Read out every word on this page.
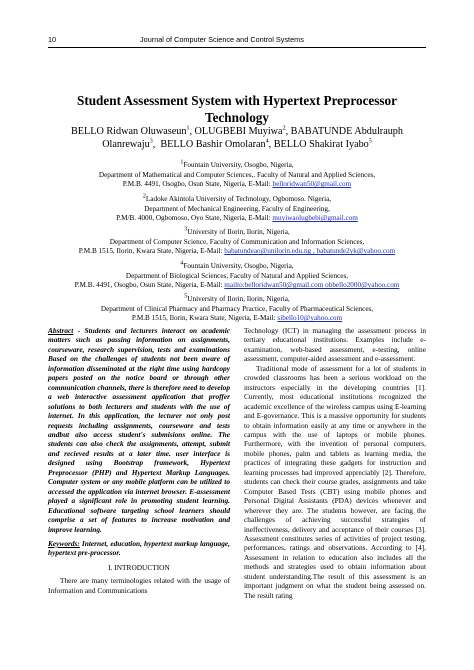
10	Journal of Computer Science and Control Systems
Student Assessment System with Hypertext Preprocessor Technology
BELLO Ridwan Oluwaseun$^1$, OLUGBEBI Muyiwa$^2$, BABATUNDE Abdulrauph Olanrewaju$^3$,  BELLO Bashir Omolaran$^4$, BELLO Shakirat Iyabo$^5$
$^1$Fountain University, Osogbo, Nigeria,
Department of Mathematical and Computer Sciences,. Faculty of Natural and Applied Sciences,
P.M.B. 4491, Osogbo, Osun State, Nigeria, E-Mail: belloridwan50@gmail.com
$^2$Ladoke Akintola University of Technology, Ogbomoso. Nigeria,
Department of Mechanical Engineering, Faculty of Engineering,
P.M/B. 4000, Ogbomoso, Oyo State, Nigeria, E-Mail: muyiwaolugbebi@gmail.com
$^3$University of Ilorin, Ilorin, Nigeria,
Department of Computer Science, Faculty of Communication and Information Sciences,
P.M.B 1515, Ilorin, Kwara State, Nigeria, E-Mail: babatundeao@unilorin.edu.ng , babatunde2yk@yahoo.com
$^4$Fountain University, Osogbo, Nigeria,
Department of Biological Sciences, Faculty of Natural and Applied Sciences,
P.M.B. 4491, Osogbo, Osun State, Nigeria, E-Mail: mailto:belloridwan50@gmail.com obbello2000@yahoo.com
$^5$University of Ilorin, Ilorin, Nigeria,
Department of Clinical Pharmacy and Pharmacy Practice, Faculty of Pharmaceutical Sciences,
P.M.B 1515, Ilorin, Kwara State, Nigeria, E-Mail: sibello10@yahoo.com

Abstract - Students and lecturers interact on academic matters such as passing information on assignments, courseware, research supervision, tests and examinations Based on the challenges of students not been aware of information disseminated at the right time using hardcopy papers posted on the notice board or through other communication channels, there is therefore need to develop a web interactive assessment application that proffer solutions to both lecturers and students with the use of internet. In this application, the lecturer not only post requests including assignments, courseware and tests andbut also access student's submisions online. The students can also check the assignments, attempt, submit and recieved results at a later time. user interface is designed using Bootstrap framework, Hypertext Preprocessor (PHP) and Hypertext Markup Languages. Computer system or any mobile platform can be utilized to accessed the application via internet browser. E-assessment played a significant role in promoting student learning. Educational software targeting school learners should comprise a set of features to increase motivation and improve learning.

Keywords: Internet, education, hypertext markup language, hypertext pre-processor.

I. INTRODUCTION

There are many terminologies related with the usage of Information and Communications

Technology (ICT) in managing the assessment process in tertiary educational institutions. Examples include e-examination, web-based assessment, e-testing, online assessment, computer-aided assessment and e-assessment.

Traditional mode of assessment for a lot of students in crowded classrooms has been a serious workload on the instructors especially in the developing countries [1]. Currently, most educational institutions recognized the academic excellence of the wireless campus using E-learning and E-governance. This is a massive opportunity for students to obtain information easily at any time or anywhere in the campus with the use of laptops or mobile phones. Furthermore, with the invention of personal computers, mobile phones, palm and tablets as learning media, the practices of integrating these gadgets for instruction and learning processes had improved appreciably [2]. Therefore, students can check their course grades, assignments and take Computer Based Tests (CBT) using mobile phones and Personal Digital Assistants (PDA) devices whenever and wherever they are. The students however, are facing the challenges of achieving successful strategies of ineffectiveness, delivery and acceptance of their courses [3]. Assessment constitutes series of activities of project testing, performances, ratings and observations. According to [4], Assessment in relation to education also includes all the methods and strategies used to obtain information about student understanding.The result of this assessment is an important judgment on what the student being assessed on. The result rating
